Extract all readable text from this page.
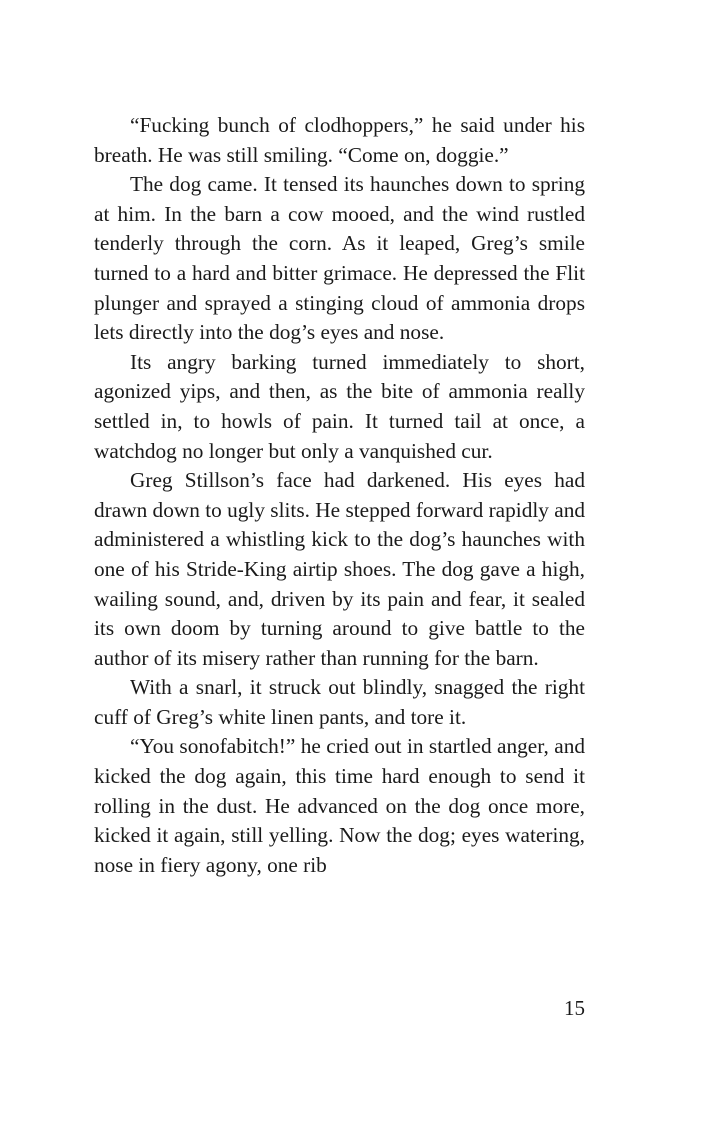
“Fucking bunch of clodhoppers,” he said under his breath. He was still smiling. “Come on, doggie.”

The dog came. It tensed its haunches down to spring at him. In the barn a cow mooed, and the wind rustled tenderly through the corn. As it leaped, Greg’s smile turned to a hard and bitter grimace. He depressed the Flit plunger and sprayed a stinging cloud of ammonia drops lets directly into the dog’s eyes and nose.

Its angry barking turned immediately to short, agonized yips, and then, as the bite of ammonia really settled in, to howls of pain. It turned tail at once, a watchdog no longer but only a vanquished cur.

Greg Stillson’s face had darkened. His eyes had drawn down to ugly slits. He stepped forward rapidly and administered a whistling kick to the dog’s haunches with one of his Stride-King airtip shoes. The dog gave a high, wailing sound, and, driven by its pain and fear, it sealed its own doom by turning around to give battle to the author of its misery rather than running for the barn.

With a snarl, it struck out blindly, snagged the right cuff of Greg’s white linen pants, and tore it.

“You sonofabitch!” he cried out in startled anger, and kicked the dog again, this time hard enough to send it rolling in the dust. He advanced on the dog once more, kicked it again, still yelling. Now the dog; eyes watering, nose in fiery agony, one rib

15
